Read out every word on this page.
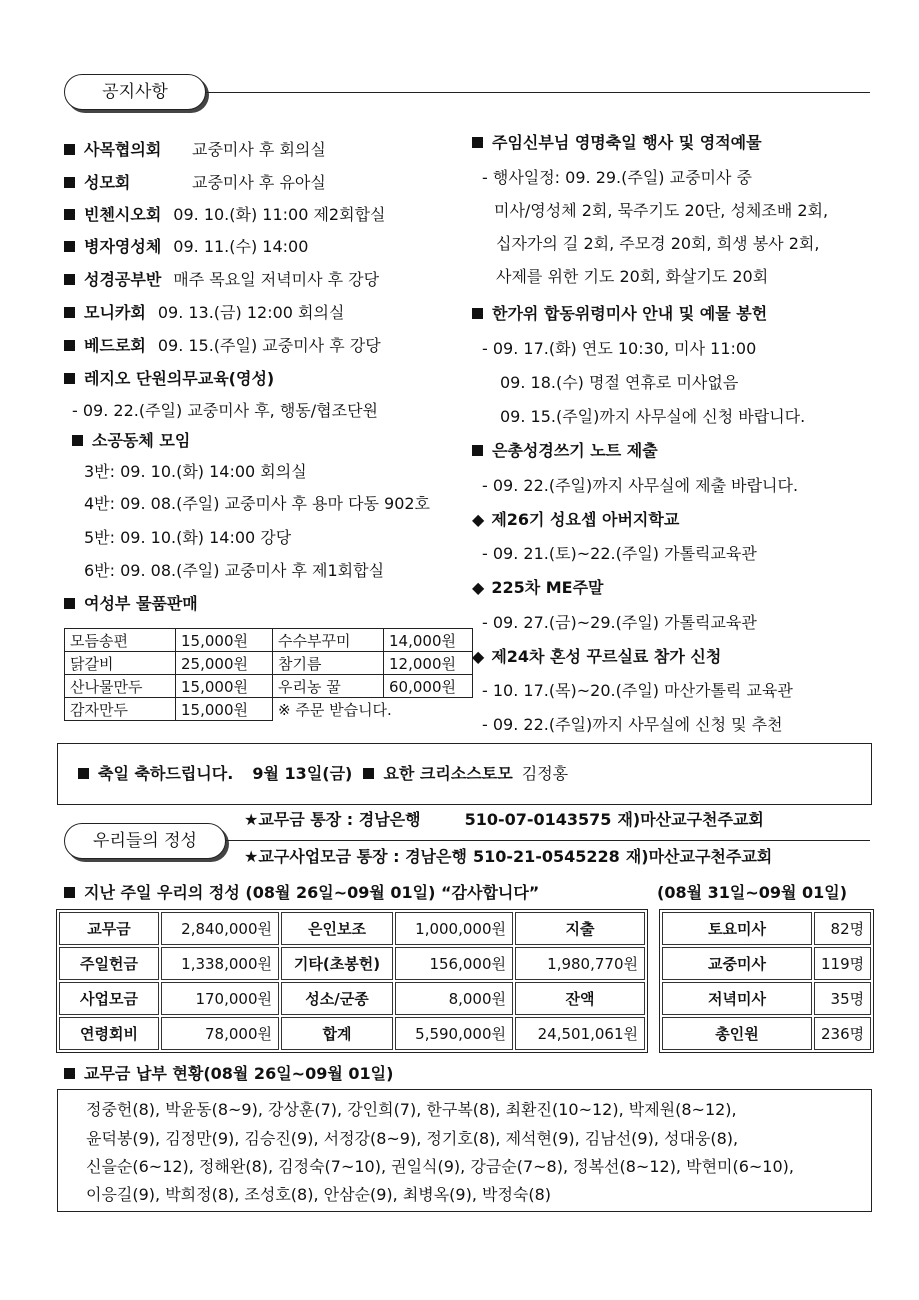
공지사항
사목협의회 교중미사 후 회의실
성모회	교중미사 후 유아실
빈첸시오회 09. 10.(화) 11:00 제2회합실
병자영성체 09. 11.(수) 14:00
성경공부반 매주 목요일 저녁미사 후 강당
모니카회 09. 13.(금) 12:00 회의실
베드로회 09. 15.(주일) 교중미사 후 강당
레지오 단원의무교육(영성)
- 09. 22.(주일) 교중미사 후, 행동/협조단원
소공동체 모임
3반: 09. 10.(화) 14:00 회의실
4반: 09. 08.(주일) 교중미사 후 용마 다동 902호
5반: 09. 10.(화) 14:00 강당
6반: 09. 08.(주일) 교중미사 후 제1회합실
여성부 물품판매
모듬송편	15,000원	수수부꾸미	14,000원
닭갈비	25,000원	참기름	12,000원
산나물만두	15,000원	우리농 꿀	60,000원
감자만두	15,000원	※ 주문 받습니다.	
주임신부님 영명축일 행사 및 영적예물
- 행사일정: 09. 29.(주일) 교중미사 중
미사/영성체 2회, 묵주기도 20단, 성체조배 2회,
십자가의 길 2회, 주모경 20회, 희생 봉사 2회,
사제를 위한 기도 20회, 화살기도 20회
한가위 합동위령미사 안내 및 예물 봉헌
- 09. 17.(화) 연도 10:30, 미사 11:00
09. 18.(수) 명절 연휴로 미사없음
09. 15.(주일)까지 사무실에 신청 바랍니다.
은총성경쓰기 노트 제출
- 09. 22.(주일)까지 사무실에 제출 바랍니다.
◆ 제26기 성요셉 아버지학교
- 09. 21.(토)~22.(주일) 가톨릭교육관
◆ 225차 ME주말
- 09. 27.(금)~29.(주일) 가톨릭교육관
◆ 제24차 혼성 꾸르실료 참가 신청
- 10. 17.(목)~20.(주일) 마산가톨릭 교육관
- 09. 22.(주일)까지 사무실에 신청 및 추천
축일 축하드립니다. 9월 13일(금) 요한 크리소스토모 김정홍
우리들의 정성
★교무금 통장 : 경남은행	510-07-0143575 재)마산교구천주교회
★교구사업모금 통장 : 경남은행 510-21-0545228 재)마산교구천주교회
지난 주일 우리의 정성 (08월 26일~09월 01일) “감사합니다”	(08월 31일~09월 01일)
교무금	2,840,000원	은인보조	1,000,000원	지출
주일헌금	1,338,000원	기타(초봉헌)	156,000원	1,980,770원
사업모금	170,000원	성소/군종	8,000원	잔액
연령회비	78,000원	합계	5,590,000원	24,501,061원
토요미사	82명
교중미사	119명
저녁미사	35명
총인원	236명
교무금 납부 현황(08월 26일~09월 01일)
정중헌(8), 박윤동(8~9), 강상훈(7), 강인희(7), 한구복(8), 최환진(10~12), 박제원(8~12),
윤덕봉(9), 김정만(9), 김승진(9), 서정강(8~9), 정기호(8), 제석현(9), 김남선(9), 성대웅(8),
신을순(6~12), 정해완(8), 김정숙(7~10), 권일식(9), 강금순(7~8), 정복선(8~12), 박현미(6~10),
이응길(9), 박희정(8), 조성호(8), 안삼순(9), 최병옥(9), 박정숙(8)
